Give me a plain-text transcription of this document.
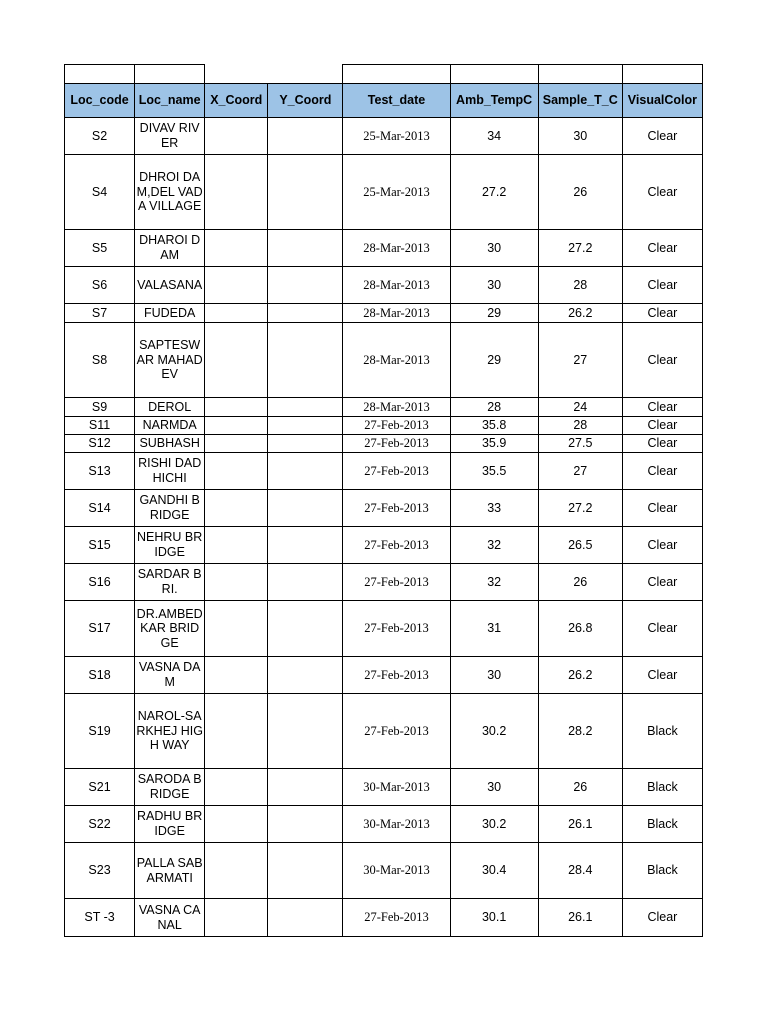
Loc_code	Loc_name	X_Coord	Y_Coord	Test_date	Amb_TempC	Sample_T_C	VisualColor
S2	DIVAV RIVER			25-Mar-2013	34	30	Clear
S4	DHROI DAM,DEL VADA VILLAGE			25-Mar-2013	27.2	26	Clear
S5	DHAROI DAM			28-Mar-2013	30	27.2	Clear
S6	VALASANA			28-Mar-2013	30	28	Clear
S7	FUDEDA			28-Mar-2013	29	26.2	Clear
S8	SAPTESWAR MAHADEV			28-Mar-2013	29	27	Clear
S9	DEROL			28-Mar-2013	28	24	Clear
S11	NARMDA			27-Feb-2013	35.8	28	Clear
S12	SUBHASH			27-Feb-2013	35.9	27.5	Clear
S13	RISHI DADHICHI			27-Feb-2013	35.5	27	Clear
S14	GANDHI BRIDGE			27-Feb-2013	33	27.2	Clear
S15	NEHRU BRIDGE			27-Feb-2013	32	26.5	Clear
S16	SARDAR BRI.			27-Feb-2013	32	26	Clear
S17	DR.AMBEDKAR BRIDGE			27-Feb-2013	31	26.8	Clear
S18	VASNA DAM			27-Feb-2013	30	26.2	Clear
S19	NAROL-SARKHEJ HIGH WAY			27-Feb-2013	30.2	28.2	Black
S21	SARODA BRIDGE			30-Mar-2013	30	26	Black
S22	RADHU BRIDGE			30-Mar-2013	30.2	26.1	Black
S23	PALLA SABARMATI			30-Mar-2013	30.4	28.4	Black
ST -3	VASNA CANAL			27-Feb-2013	30.1	26.1	Clear
